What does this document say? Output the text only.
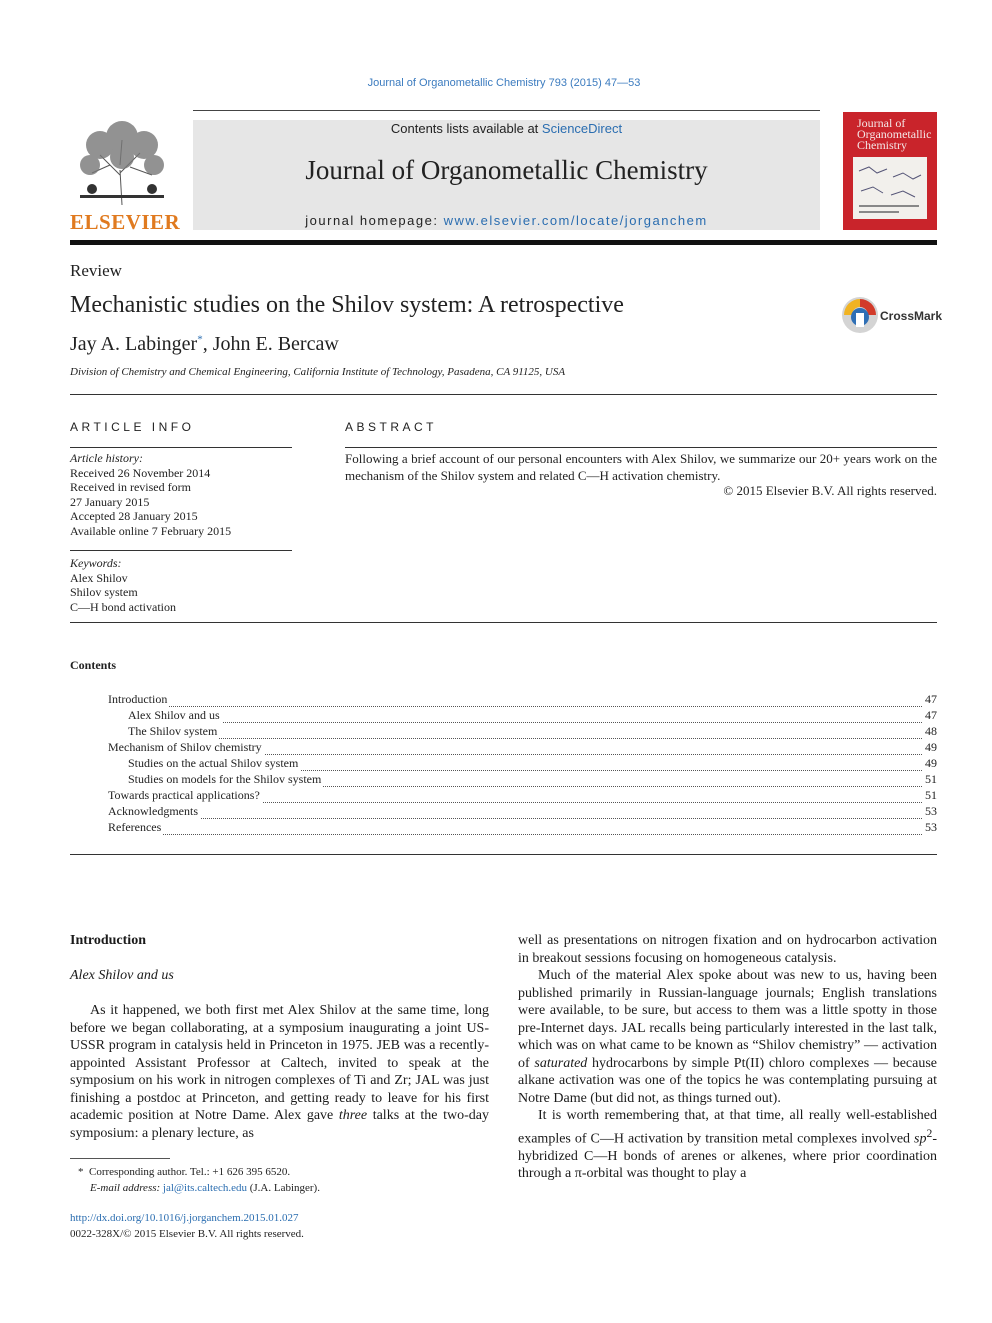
Journal of Organometallic Chemistry 793 (2015) 47—53
ELSEVIER
Contents lists available at ScienceDirect
Journal of Organometallic Chemistry
journal homepage: www.elsevier.com/locate/jorganchem
Journal of Organometallic Chemistry
Review
Mechanistic studies on the Shilov system: A retrospective
Jay A. Labinger*, John E. Bercaw
Division of Chemistry and Chemical Engineering, California Institute of Technology, Pasadena, CA 91125, USA
CrossMark
ARTICLE INFO
Article history:
Received 26 November 2014
Received in revised form
27 January 2015
Accepted 28 January 2015
Available online 7 February 2015
Keywords:
Alex Shilov
Shilov system
C—H bond activation
ABSTRACT
Following a brief account of our personal encounters with Alex Shilov, we summarize our 20+ years work on the mechanism of the Shilov system and related C—H activation chemistry.
© 2015 Elsevier B.V. All rights reserved.
Contents
Introduction	47
Alex Shilov and us	47
The Shilov system	48
Mechanism of Shilov chemistry	49
Studies on the actual Shilov system	49
Studies on models for the Shilov system	51
Towards practical applications?	51
Acknowledgments	53
References	53
Introduction
Alex Shilov and us

As it happened, we both first met Alex Shilov at the same time, long before we began collaborating, at a symposium inaugurating a joint US-USSR program in catalysis held in Princeton in 1975. JEB was a recently-appointed Assistant Professor at Caltech, invited to speak at the symposium on his work in nitrogen complexes of Ti and Zr; JAL was just finishing a postdoc at Princeton, and getting ready to leave for his first academic position at Notre Dame. Alex gave three talks at the two-day symposium: a plenary lecture, as

well as presentations on nitrogen fixation and on hydrocarbon activation in breakout sessions focusing on homogeneous catalysis.

Much of the material Alex spoke about was new to us, having been published primarily in Russian-language journals; English translations were available, to be sure, but access to them was a little spotty in those pre-Internet days. JAL recalls being particularly interested in the last talk, which was on what came to be known as “Shilov chemistry” — activation of saturated hydrocarbons by simple Pt(II) chloro complexes — because alkane activation was one of the topics he was contemplating pursuing at Notre Dame (but did not, as things turned out).

It is worth remembering that, at that time, all really well-established examples of C—H activation by transition metal complexes involved $sp^2$-hybridized C—H bonds of arenes or alkenes, where prior coordination through a π-orbital was thought to play a

* Corresponding author. Tel.: +1 626 395 6520.
E-mail address: jal@its.caltech.edu (J.A. Labinger).
http://dx.doi.org/10.1016/j.jorganchem.2015.01.027
0022-328X/© 2015 Elsevier B.V. All rights reserved.
